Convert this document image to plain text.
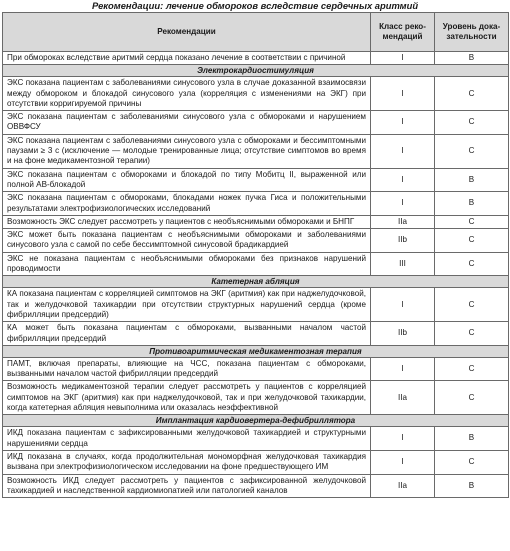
Рекомендации: лечение обмороков вследствие сердечных аритмий
Рекомендации	Класс реко-мендаций	Уровень дока-зательности
При обмороках вследствие аритмий сердца показано лечение в соответствии с причиной	I	B
Электрокардиостимуляция		
ЭКС показана пациентам с заболеваниями синусового узла в случае доказанной взаимосвязи между обмороком и блокадой синусового узла (корреляция с изменениями на ЭКГ) при отсутствии корригируемой причины	I	C
ЭКС показана пациентам с заболеваниями синусового узла с обмороками и нарушением ОВВФСУ	I	C
ЭКС показана пациентам с заболеваниями синусового узла с обмороками и бессимптомными паузами ≥ 3 с (исключение — молодые тренированные лица; отсутствие симптомов во время и на фоне медикаментозной терапии)	I	C
ЭКС показана пациентам с обмороками и блокадой по типу Мобитц II, выраженной или полной АВ-блокадой	I	B
ЭКС показана пациентам с обмороками, блокадами ножек пучка Гиса и положительными результатами электрофизиологических исследований	I	B
Возможность ЭКС следует рассмотреть у пациентов с необъяснимыми обмороками и БНПГ	IIa	C
ЭКС может быть показана пациентам с необъяснимыми обмороками и заболеваниями синусового узла с самой по себе бессимптомной синусовой брадикардией	IIb	C
ЭКС не показана пациентам с необъяснимыми обмороками без признаков нарушений проводимости	III	C
Катетерная абляция		
КА показана пациентам с корреляцией симптомов на ЭКГ (аритмия) как при наджелудочковой, так и желудочковой тахикардии при отсутствии структурных нарушений сердца (кроме фибрилляции предсердий)	I	C
КА может быть показана пациентам с обмороками, вызванными началом частой фибрилляции предсердий	IIb	C
Противоаритмическая медикаментозная терапия		
ПАМТ, включая препараты, влияющие на ЧСС, показана пациентам с обмороками, вызванными началом частой фибрилляции предсердий	I	C
Возможность медикаментозной терапии следует рассмотреть у пациентов с корреляцией симптомов на ЭКГ (аритмия) как при наджелудочковой, так и при желудочковой тахикардии, когда катетерная абляция невыполнима или оказалась неэффективной	IIa	C
Имплантация кардиовертера-дефибриллятора		
ИКД показана пациентам с зафиксированными желудочковой тахикардией и структурными нарушениями сердца	I	B
ИКД показана в случаях, когда продолжительная мономорфная желудочковая тахикардия вызвана при электрофизиологическом исследовании на фоне предшествующего ИМ	I	C
Возможность ИКД следует рассмотреть у пациентов с зафиксированной желудочковой тахикардией и наследственной кардиомиопатией или патологией каналов	IIa	B
